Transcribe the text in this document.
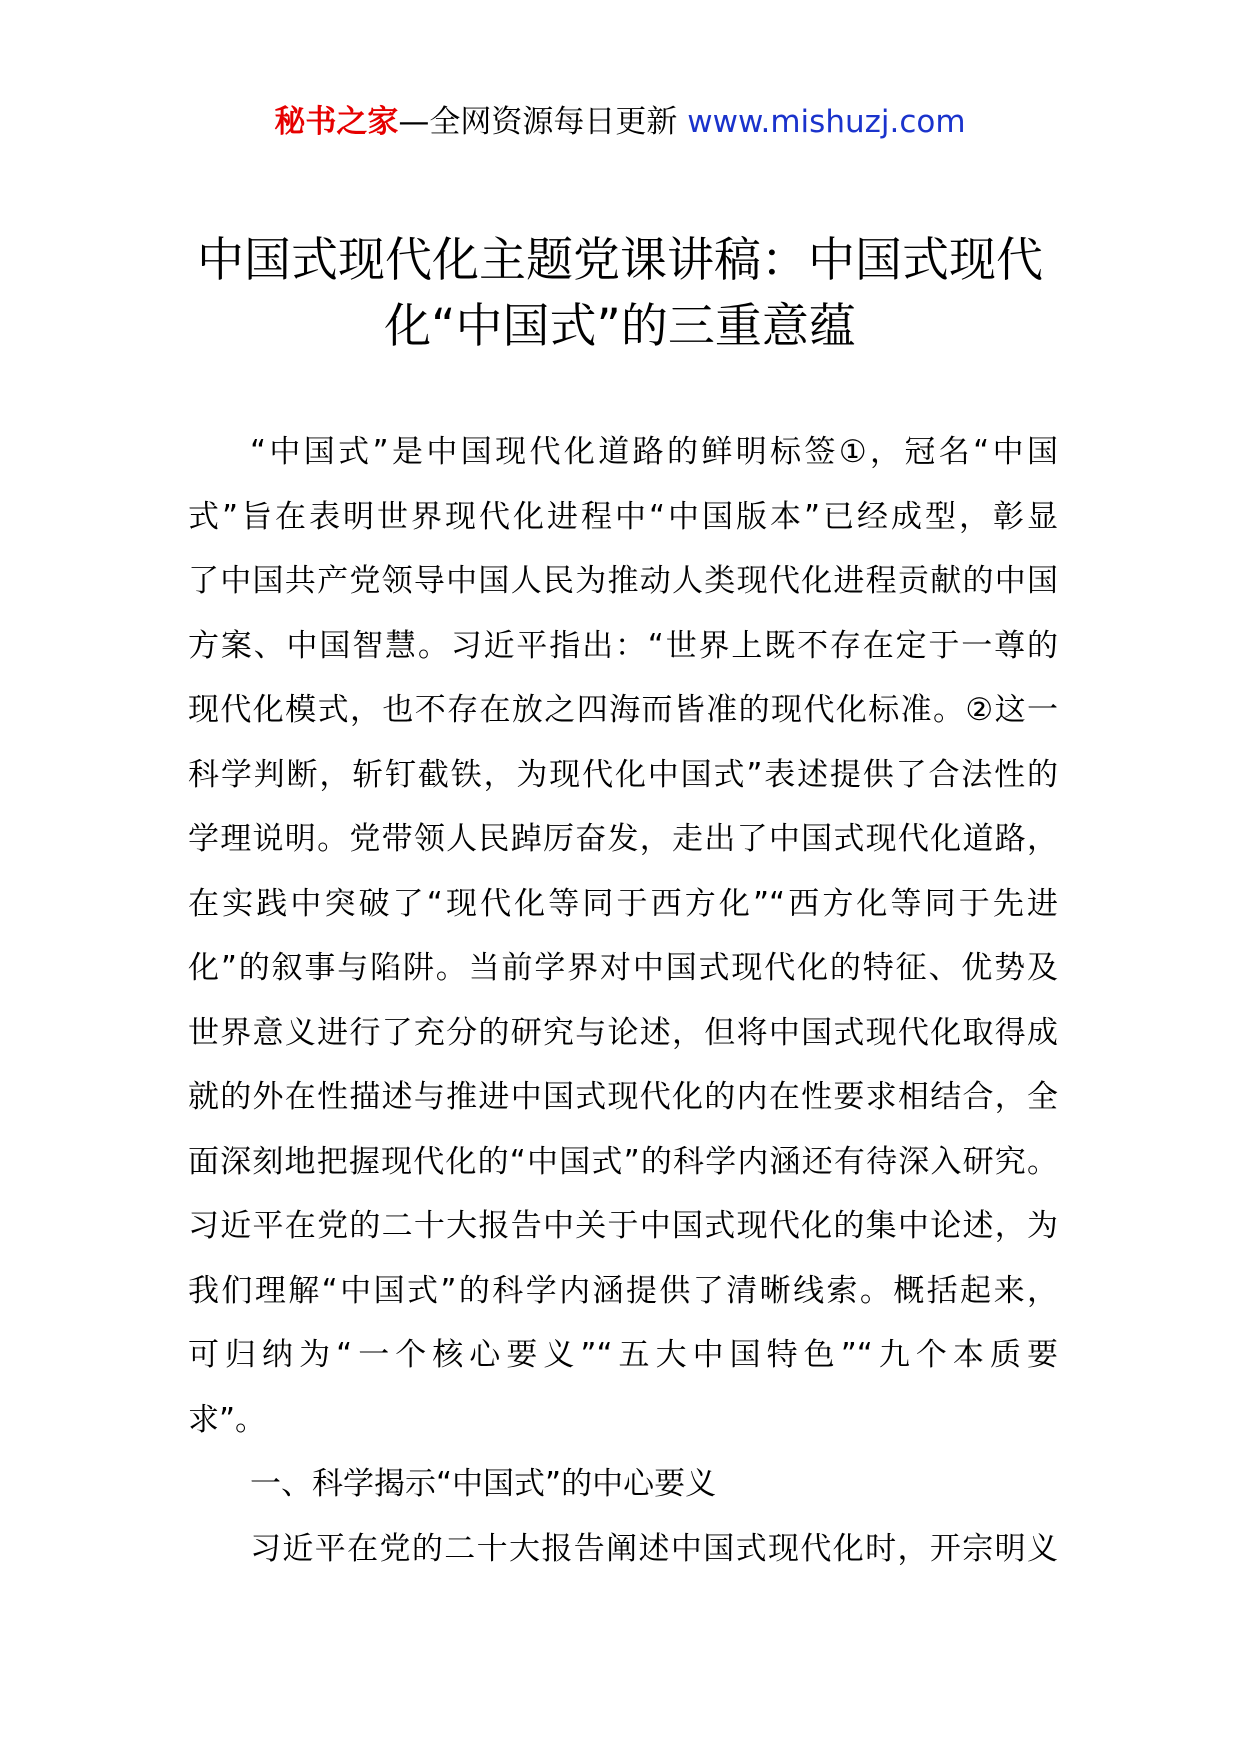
秘书之家—全网资源每日更新 www.mishuzj.com
中国式现代化主题党课讲稿：中国式现代
化“中国式”的三重意蕴
“中国式”是中国现代化道路的鲜明标签①，冠名“中国
式”旨在表明世界现代化进程中“中国版本”已经成型，彰显
了中国共产党领导中国人民为推动人类现代化进程贡献的中国
方案、中国智慧。习近平指出：“世界上既不存在定于一尊的
现代化模式，也不存在放之四海而皆准的现代化标准。②这一
科学判断，斩钉截铁，为现代化中国式”表述提供了合法性的
学理说明。党带领人民踔厉奋发，走出了中国式现代化道路，
在实践中突破了“现代化等同于西方化”“西方化等同于先进
化”的叙事与陷阱。当前学界对中国式现代化的特征、优势及
世界意义进行了充分的研究与论述，但将中国式现代化取得成
就的外在性描述与推进中国式现代化的内在性要求相结合，全
面深刻地把握现代化的“中国式”的科学内涵还有待深入研究。
习近平在党的二十大报告中关于中国式现代化的集中论述，为
我们理解“中国式”的科学内涵提供了清晰线索。概括起来，
可归纳为“一个核心要义”“五大中国特色”“九个本质要
求”。
一、科学揭示“中国式”的中心要义
习近平在党的二十大报告阐述中国式现代化时，开宗明义
